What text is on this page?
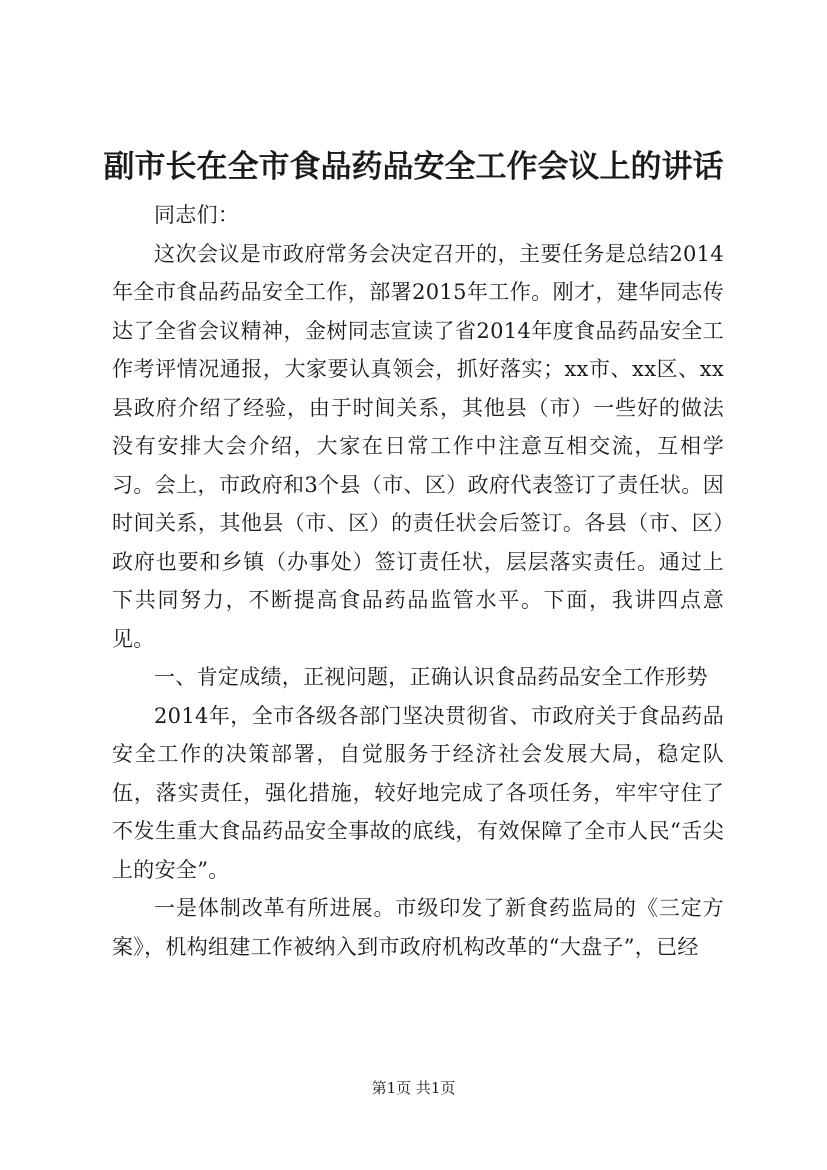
副市长在全市食品药品安全工作会议上的讲话

同志们：

这次会议是市政府常务会决定召开的，主要任务是总结2014年全市食品药品安全工作，部署2015年工作。刚才，建华同志传达了全省会议精神，金树同志宣读了省2014年度食品药品安全工作考评情况通报，大家要认真领会，抓好落实；xx市、xx区、xx县政府介绍了经验，由于时间关系，其他县（市）一些好的做法没有安排大会介绍，大家在日常工作中注意互相交流，互相学习。会上，市政府和3个县（市、区）政府代表签订了责任状。因时间关系，其他县（市、区）的责任状会后签订。各县（市、区）政府也要和乡镇（办事处）签订责任状，层层落实责任。通过上下共同努力，不断提高食品药品监管水平。下面，我讲四点意见。

一、肯定成绩，正视问题，正确认识食品药品安全工作形势

2014年，全市各级各部门坚决贯彻省、市政府关于食品药品安全工作的决策部署，自觉服务于经济社会发展大局，稳定队伍，落实责任，强化措施，较好地完成了各项任务，牢牢守住了不发生重大食品药品安全事故的底线，有效保障了全市人民“舌尖上的安全”。

一是体制改革有所进展。市级印发了新食药监局的《三定方案》，机构组建工作被纳入到市政府机构改革的“大盘子”，已经

第1页 共1页
